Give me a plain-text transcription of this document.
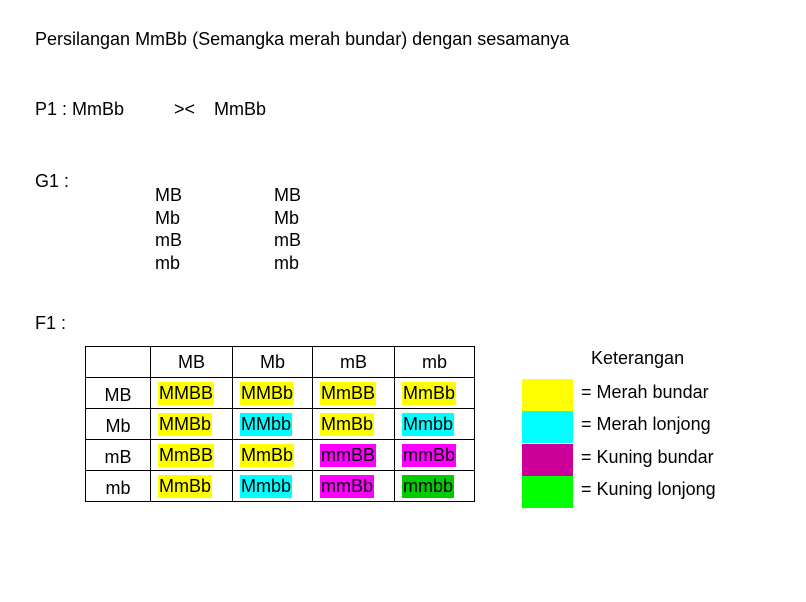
Persilangan MmBb (Semangka merah bundar) dengan sesamanya
P1 : MmBb	>< MmBb
G1 :
MB
Mb
mB
mb
MB
Mb
mB
mb
F1 :
	MB	Mb	mB	mb
MB	MMBB	MMBb	MmBB	MmBb
Mb	MMBb	MMbb	MmBb	Mmbb
mB	MmBB	MmBb	mmBB	mmBb
mb	MmBb	Mmbb	mmBb	mmbb
Keterangan
= Merah bundar
= Merah lonjong
= Kuning bundar
= Kuning lonjong
